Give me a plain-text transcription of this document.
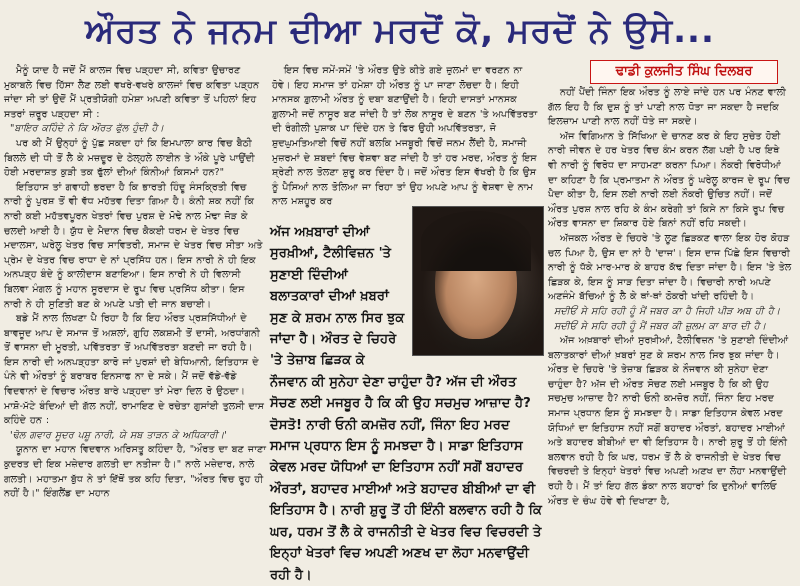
ਔਰਤ ਨੇ ਜਨਮ ਦੀਆ ਮਰਦੋਂ ਕੋ, ਮਰਦੋਂ ਨੇ ਉਸੇ...

ਮੈਨੂੰ ਯਾਦ ਹੈ ਜਦੋਂ ਮੈਂ ਕਾਲਜ ਵਿਚ ਪੜ੍ਹਦਾ ਸੀ, ਕਵਿਤਾ ਉਚਾਰਣ ਮੁਕਾਬਲੇ ਵਿਚ ਹਿੱਸਾ ਲੈਣ ਲਈ ਵਖਰੇ-ਵਖਰੇ ਕਾਲਜਾਂ ਵਿਚ ਕਵਿਤਾ ਪੜ੍ਹਨ ਜਾਂਦਾ ਸੀ ਤਾਂ ਉਦੋਂ ਮੈਂ ਪ੍ਰਤੀਯੋਗੀ ਹਮੇਸ਼ਾ ਅਪਣੀ ਕਵਿਤਾ ਤੋਂ ਪਹਿਲਾਂ ਇਹ ਸਤਰਾਂ ਜ਼ਰੂਰ ਪੜ੍ਹਦਾ ਸੀ :

"ਬਾਇਰ ਕਹਿੰਦੇ ਨੇ ਕਿ ਔਰਤ ਫੁੱਲ ਹੁੰਦੀ ਹੈ।

ਪਰ ਕੀ ਮੈਂ ਉਨ੍ਹਾਂ ਨੂੰ ਪੁੱਛ ਸਕਦਾ ਹਾਂ ਕਿ ਇਮਪਾਲਾ ਕਾਰ ਵਿਚ ਬੈਠੀ ਬਿਲਲੇ ਦੀ ਧੀ ਤੋਂ ਲੈ ਕੇ ਮਜ਼ਦੂਰ ਦੇ ਠੇਲ੍ਹਲੇ ਲਾਈਨ ਤੇ ਔਕੇ ਪੂਰੇ ਪਾਉਂਦੀ ਹੋਈ ਮਰਦਾਸ਼ਤ ਕੁੜੀ ਤਕ ਫੁੱਲਾਂ ਦੀਆਂ ਕਿੰਨੀਆਂ ਕਿਸਮਾਂ ਹਨ?"

ਇਤਿਹਾਸ ਤਾਂ ਗਵਾਹੀ ਭਰਦਾ ਹੈ ਕਿ ਭਾਰਤੀ ਹਿੰਦੂ ਸੰਸਕ੍ਰਿਤੀ ਵਿਚ ਨਾਰੀ ਨੂੰ ਪੁਰਸ਼ ਤੋਂ ਵੀ ਵੱਧ ਮਹੱਤਵ ਦਿਤਾ ਗਿਆ ਹੈ। ਕੰਨੀ ਸ਼ਕ ਨਹੀਂ ਕਿ ਨਾਰੀ ਕਈ ਮਹੱਤਵਪੂਰਨ ਖੇਤਰਾਂ ਵਿਚ ਪੁਰਸ਼ ਦੇ ਮੋਢੇ ਨਾਲ ਮੋਢਾ ਜੋੜ ਕੇ ਚਲਦੀ ਆਈ ਹੈ। ਯੁੱਧ ਦੇ ਮੈਦਾਨ ਵਿਚ ਕੈਕਈ ਧਰਮ ਦੇ ਖੇਤਰ ਵਿਚ ਮਦਾਲਸਾ, ਘਰੇਲੂ ਖੇਤਰ ਵਿਚ ਸਾਵਿਤਰੀ, ਸਮਾਜ ਦੇ ਖੇਤਰ ਵਿਚ ਸੀਤਾ ਅਤੇ ਪ੍ਰੇਮ ਦੇ ਖੇਤਰ ਵਿਚ ਰਾਧਾ ਦੇ ਨਾਂ ਪ੍ਰਸਿੱਧ ਹਨ। ਇਸ ਨਾਰੀ ਨੇ ਹੀ ਇਕ ਅਨਪੜ੍ਹ ਬੰਦੇ ਨੂੰ ਕਾਲੀਦਾਸ ਬਣਾਇਆ। ਇਸ ਨਾਰੀ ਨੇ ਹੀ ਵਿਲਾਸੀ ਬਿਲਵਾ ਮੰਗਲ ਨੂੰ ਮਹਾਨ ਸੂਰਦਾਸ ਦੇ ਰੂਪ ਵਿਚ ਪ੍ਰਸਿੱਧ ਕੀਤਾ। ਇਸ ਨਾਰੀ ਨੇ ਹੀ ਸੁਣਿਤੀ ਬਣ ਕੇ ਅਪਣੇ ਪਤੀ ਦੀ ਜਾਨ ਬਚਾਈ।

ਬਡੇ ਮੈਂ ਨਾਲ ਲਿਖਣਾ ਪੈ ਰਿਹਾ ਹੈ ਕਿ ਇਹ ਔਰਤ ਪ੍ਰਸ਼ਸਿੱਧੀਆਂ ਦੇ ਬਾਵਜੂਦ ਆਪ ਦੇ ਸਮਾਜ ਤੋਂ ਅਸ਼ਲਾਂ, ਗੁਹਿ ਲਕਸ਼ਮੀ ਤੋਂ ਦਾਸੀ, ਅਰਧਾਂਗਨੀ ਤੋਂ ਵਾਸਨਾ ਦੀ ਮੂਰਤੀ, ਪਵਿੱਤਰਤਾ ਤੋਂ ਅਪਵਿੱਤਰਤਾ ਬਣਦੀ ਜਾ ਰਹੀ ਹੈ। ਇਸ ਨਾਰੀ ਦੀ ਅਨਪੜ੍ਹਤਾ ਕਾਰੋ ਜਾਂ ਪੁਰਸ਼ਾਂ ਦੀ ਬੇਧਿਆਨੀ, ਇਤਿਹਾਸ ਦੇ ਪੰਨੇ ਵੀ ਔਰਤਾਂ ਨੂੰ ਬਰਾਬਰ ਇਨਸਾਫ ਨਾ ਦੇ ਸਕੇ। ਮੈਂ ਜਦੋਂ ਵੱਡੇ-ਵੱਡੇ ਵਿਦਵਾਨਾਂ ਦੇ ਵਿਚਾਰ ਔਰਤ ਬਾਰੇ ਪੜ੍ਹਦਾ ਤਾਂ ਮੇਰਾ ਦਿਲ ਰੋ ਉਠਦਾ। ਮਾਸ਼ੋ-ਮੱਟੇ ਬੰਦਿਆਂ ਦੀ ਗੱਲ ਨਹੀਂ, ਰਾਮਾਇਣ ਦੇ ਰਚੇਤਾ ਗੁਸਾਂਈ ਤੁਲਸੀ ਦਾਸ ਕਹਿੰਦੇ ਹਨ :

'ਢੋਲ ਗਵਾਰ ਸੂਦਰ ਪਸ਼ੂ ਨਾਰੀ, ਯੇ ਸਬ ਤਾੜਨ ਕੇ ਅਧਿਕਾਰੀ।'

ਯੂਨਾਨ ਦਾ ਮਹਾਨ ਵਿਦਵਾਨ ਅਰਿਸਤੂ ਕਹਿੰਦਾ ਹੈ, "ਔਰਤ ਦਾ ਬਣ ਜਾਣਾ ਕੁਦਰਤ ਦੀ ਇਕ ਮਜ਼ੇਦਾਰ ਗਲਤੀ ਦਾ ਨਤੀਜਾ ਹੈ।" ਨਾਲੇ ਮਜ਼ੇਦਾਰ, ਨਾਲੇ ਗਲਤੀ। ਮਹਾਤਮਾ ਬੁੱਧ ਨੇ ਤਾਂ ਇੱਥੋਂ ਤਕ ਕਹਿ ਦਿਤਾ, "ਔਰਤ ਵਿਚ ਰੂਹ ਹੀ ਨਹੀਂ ਹੈ।" ਇੰਗਲੈਂਡ ਦਾ ਮਹਾਨ

ਇਸ ਵਿਚ ਸਮੇਂ-ਸਮੇਂ 'ਤੇ ਔਰਤ ਉਤੇ ਕੀਤੇ ਗਏ ਜ਼ੁਲਮਾਂ ਦਾ ਵਰਣਨ ਨਾ ਹੋਵੇ। ਇਹ ਸਮਾਜ ਤਾਂ ਹਮੇਸ਼ਾ ਹੀ ਔਰਤ ਨੂੰ ਪਾ ਜਾਣਾ ਲੋਚਦਾ ਹੈ। ਇਹੀ ਮਾਨਸਕ ਗ਼ੁਲਾਮੀ ਔਰਤ ਨੂੰ ਦਬਾ ਬਣਾਉਂਦੀ ਹੈ। ਇਹੀ ਦਾਸਤਾਂ ਮਾਨਸਕ ਗ਼ੁਲਾਮੀ ਜਦੋਂ ਨਾਸੂਰ ਬਣ ਜਾਂਦੀ ਹੈ ਤਾਂ ਲੋਕ ਨਾਸੂਰ ਦੇ ਬਣਨ 'ਤੇ ਅਪਵਿੱਤਰਤਾ ਦੀ ਰੰਗੀਲੀ ਪੁਸ਼ਾਕ ਪਾ ਦਿੰਦੇ ਹਨ ਤੇ ਫਿਰ ਉਹੀ ਅਪਵਿੱਤਰਤਾ, ਜੋ ਸ਼ੁਦਘੁਮਤਿਆਈ ਵਿਚੋਂ ਨਹੀਂ ਬਲਕਿ ਮਜਬੂਰੀ ਵਿਚੋਂ ਜਨਮ ਲੈਂਦੀ ਹੈ, ਸਮਾਜੀ ਮੁਜ਼ਰਮਾਂ ਦੇ ਸ਼ਬਦਾਂ ਵਿਚ ਵੇਸ਼ਵਾ ਬਣ ਜਾਂਦੀ ਹੈ ਤਾਂ ਹਰ ਮਰਦ, ਔਰਤ ਨੂੰ ਇਸ ਸ਼੍ਰੇਣੀ ਨਾਲ ਤੋਲਣਾ ਸ਼ੁਰੂ ਕਰ ਦਿੰਦਾ ਹੈ। ਜਦੋਂ ਔਰਤ ਇਸ ਵੱਖਰੀ ਹੈ ਕਿ ਉਸ ਨੂੰ ਪੈਸਿਆਂ ਨਾਲ ਤੋਲਿਆ ਜਾ ਰਿਹਾ ਤਾਂ ਉਹ ਅਪਣੇ ਆਪ ਨੂੰ ਵੇਸ਼ਵਾ ਦੇ ਨਾਮ ਨਾਲ ਮਸ਼ਹੂਰ ਕਰ

ਅੱਜ ਅਖ਼ਬਾਰਾਂ ਦੀਆਂ ਸੁਰਖ਼ੀਆਂ, ਟੈਲੀਵਿਜ਼ਨ 'ਤੇ ਸੁਣਾਈ ਦਿੰਦੀਆਂ ਬਲਾਤਕਾਰਾਂ ਦੀਆਂ ਖ਼ਬਰਾਂ ਸੁਣ ਕੇ ਸ਼ਰਮ ਨਾਲ ਸਿਰ ਝੁਕ ਜਾਂਦਾ ਹੈ। ਔਰਤ ਦੇ ਚਿਹਰੇ 'ਤੇ ਤੇਜ਼ਾਬ ਛਿੜਕ ਕੇ ਨੌਜਵਾਨ ਕੀ ਸੁਨੇਹਾ ਦੇਣਾ ਚਾਹੁੰਦਾ ਹੈ? ਅੱਜ ਦੀ ਔਰਤ ਸੋਚਣ ਲਈ ਮਜਬੂਰ ਹੈ ਕਿ ਕੀ ਉਹ ਸਚਮੁਚ ਆਜ਼ਾਦ ਹੈ? ਦੋਸਤੋ! ਨਾਰੀ ਓਨੀ ਕਮਜ਼ੋਰ ਨਹੀਂ, ਜਿੰਨਾ ਇਹ ਮਰਦ ਸਮਾਜ ਪ੍ਰਧਾਨ ਇਸ ਨੂੰ ਸਮਝਦਾ ਹੈ। ਸਾਡਾ ਇਤਿਹਾਸ ਕੇਵਲ ਮਰਦ ਯੋਧਿਆਂ ਦਾ ਇਤਿਹਾਸ ਨਹੀਂ ਸਗੋਂ ਬਹਾਦਰ ਔਰਤਾਂ, ਬਹਾਦਰ ਮਾਈਆਂ ਅਤੇ ਬਹਾਦਰ ਬੀਬੀਆਂ ਦਾ ਵੀ ਇਤਿਹਾਸ ਹੈ। ਨਾਰੀ ਸ਼ੁਰੂ ਤੋਂ ਹੀ ਇੰਨੀ ਬਲਵਾਨ ਰਹੀ ਹੈ ਕਿ ਘਰ, ਧਰਮ ਤੋਂ ਲੈ ਕੇ ਰਾਜਨੀਤੀ ਦੇ ਖੇਤਰ ਵਿਚ ਵਿਚਰਦੀ ਤੇ ਇਨ੍ਹਾਂ ਖੇਤਰਾਂ ਵਿਚ ਅਪਣੀ ਅਣਖ ਦਾ ਲੋਹਾ ਮਨਵਾਉਂਦੀ ਰਹੀ ਹੈ।

ਢਾਡੀ ਕੁਲਜੀਤ ਸਿੰਘ ਦਿਲਬਰ

ਨਹੀਂ ਪੈਂਦੀ ਜਿੰਨਾ ਇਕ ਔਰਤ ਨੂੰ ਲਾਏ ਜਾਂਦੇ ਹਨ ਪਰ ਮੰਨਣ ਵਾਲੀ ਗੱਲ ਇਹ ਹੈ ਕਿ ਦੁਸ਼ ਨੂੰ ਤਾਂ ਪਾਣੀ ਨਾਲ ਧੋਤਾ ਜਾ ਸਕਦਾ ਹੈ ਜਦਕਿ ਇਲਜ਼ਾਮ ਪਾਣੀ ਨਾਲ ਨਹੀਂ ਧੋਤੇ ਜਾ ਸਕਦੇ।

ਅੱਜ ਵਿਗਿਆਨ ਤੇ ਸਿੱਖਿਆ ਦੇ ਚਾਨਣ ਕਰ ਕੇ ਇਹ ਸੁਚੇਤ ਹੋਈ ਨਾਰੀ ਜੀਵਨ ਦੇ ਹਰ ਖੇਤਰ ਵਿਚ ਕੰਮ ਕਰਨ ਲੱਗ ਪਈ ਹੈ ਪਰ ਇਥੇ ਵੀ ਨਾਰੀ ਨੂੰ ਵਿਰੋਧ ਦਾ ਸਾਹਮਣਾ ਕਰਨਾ ਪਿਆ। ਨੌਕਰੀ ਵਿਰੋਧੀਆਂ ਦਾ ਕਹਿਣਾ ਹੈ ਕਿ ਪ੍ਰਮਾਤਮਾ ਨੇ ਔਰਤ ਨੂੰ ਘਰੇਲੂ ਕਾਰਜ ਦੇ ਰੂਪ ਵਿਚ ਪੈਦਾ ਕੀਤਾ ਹੈ, ਇਸ ਲਈ ਨਾਰੀ ਲਈ ਨੌਕਰੀ ਉਚਿਤ ਨਹੀਂ। ਜਦੋਂ ਔਰਤ ਪੁਰਸ਼ ਨਾਲ ਰਹਿ ਕੇ ਕੰਮ ਕਰੇਗੀ ਤਾਂ ਕਿਸੇ ਨਾ ਕਿਸੇ ਰੂਪ ਵਿਚ ਔਰਤ ਵਾਸਨਾ ਦਾ ਸ਼ਿਕਾਰ ਹੋਏ ਬਿਨਾਂ ਨਹੀਂ ਰਹਿ ਸਕਦੀ।

ਅੱਜਕਲ ਔਰਤ ਦੇ ਚਿਹਰੇ 'ਤੇ ਲੂਣ ਛਿੜਕਣ ਵਾਲਾ ਇਕ ਹੋਰ ਕੋਹੜ ਚਲ ਪਿਆ ਹੈ, ਉਸ ਦਾ ਨਾਂ ਹੈ 'ਦਾਜ'। ਇਸ ਦਾਜ ਪਿੱਛੇ ਇਸ ਵਿਚਾਰੀ ਨਾਰੀ ਨੂੰ ਧੱਕੇ ਮਾਰ-ਮਾਰ ਕੇ ਬਾਹਰ ਕੱਢ ਦਿਤਾ ਜਾਂਦਾ ਹੈ। ਇਸ 'ਤੇ ਤੇਲ ਛਿੜਕ ਕੇ, ਇਸ ਨੂੰ ਸਾੜ ਦਿਤਾ ਜਾਂਦਾ ਹੈ। ਵਿਚਾਰੀ ਨਾਰੀ ਅਪਣੇ ਅਣਜੰਮੇ ਬੱਚਿਆਂ ਨੂੰ ਲੈ ਕੇ ਥਾਂ-ਥਾਂ ਠੋਕਰੀ ਖਾਂਦੀ ਰਹਿੰਦੀ ਹੈ।

ਸਦੀਓਂ ਸੇ ਸਹਿ ਰਹੀ ਹੂੰ ਮੈਂ ਜਬਰ ਕਾ ਹੈ ਜਿਹੀ ਪੀੜ ਅਬ ਹੀ ਹੈ।

ਸਦੀਓਂ ਸੇ ਸਹਿ ਰਹੀ ਹੂੰ ਮੈਂ ਜਬਰ ਕੀ ਜ਼ੁਲਮ ਕਾ ਬਾਰ ਦੀ ਹੈ।

ਅੱਜ ਅਖ਼ਬਾਰਾਂ ਦੀਆਂ ਸੁਰਖ਼ੀਆਂ, ਟੈਲੀਵਿਜ਼ਨ 'ਤੇ ਸੁਣਾਈ ਦਿੰਦੀਆਂ ਬਲਾਤਕਾਰਾਂ ਦੀਆਂ ਖ਼ਬਰਾਂ ਸੁਣ ਕੇ ਸ਼ਰਮ ਨਾਲ ਸਿਰ ਝੁਕ ਜਾਂਦਾ ਹੈ। ਔਰਤ ਦੇ ਚਿਹਰੇ 'ਤੇ ਤੇਜ਼ਾਬ ਛਿੜਕ ਕੇ ਨੌਜਵਾਨ ਕੀ ਸੁਨੇਹਾ ਦੇਣਾ ਚਾਹੁੰਦਾ ਹੈ? ਅੱਜ ਦੀ ਔਰਤ ਸੋਚਣ ਲਈ ਮਜਬੂਰ ਹੈ ਕਿ ਕੀ ਉਹ ਸਚਮੁਚ ਆਜ਼ਾਦ ਹੈ? ਨਾਰੀ ਓਨੀ ਕਮਜ਼ੋਰ ਨਹੀਂ, ਜਿੰਨਾ ਇਹ ਮਰਦ ਸਮਾਜ ਪ੍ਰਧਾਨ ਇਸ ਨੂੰ ਸਮਝਦਾ ਹੈ। ਸਾਡਾ ਇਤਿਹਾਸ ਕੇਵਲ ਮਰਦ ਯੋਧਿਆਂ ਦਾ ਇਤਿਹਾਸ ਨਹੀਂ ਸਗੋਂ ਬਹਾਦਰ ਔਰਤਾਂ, ਬਹਾਦਰ ਮਾਈਆਂ ਅਤੇ ਬਹਾਦਰ ਬੀਬੀਆਂ ਦਾ ਵੀ ਇਤਿਹਾਸ ਹੈ। ਨਾਰੀ ਸ਼ੁਰੂ ਤੋਂ ਹੀ ਇੰਨੀ ਬਲਵਾਨ ਰਹੀ ਹੈ ਕਿ ਘਰ, ਧਰਮ ਤੋਂ ਲੈ ਕੇ ਰਾਜਨੀਤੀ ਦੇ ਖੇਤਰ ਵਿਚ ਵਿਚਰਦੀ ਤੇ ਇਨ੍ਹਾਂ ਖੇਤਰਾਂ ਵਿਚ ਅਪਣੀ ਅਣਖ ਦਾ ਲੋਹਾ ਮਨਵਾਉਂਦੀ ਰਹੀ ਹੈ। ਮੈਂ ਤਾਂ ਇਹ ਗੱਲ ਡੰਕਾ ਨਾਲ ਬਹਾਰਾਂ ਕਿ ਦੁਨੀਆਂ ਵਾਲਿਓ ਔਰਤ ਦੇ ਚੰਘ ਹੋਵੇ ਵੀ ਦਿਖਾਣਾ ਹੈ,
